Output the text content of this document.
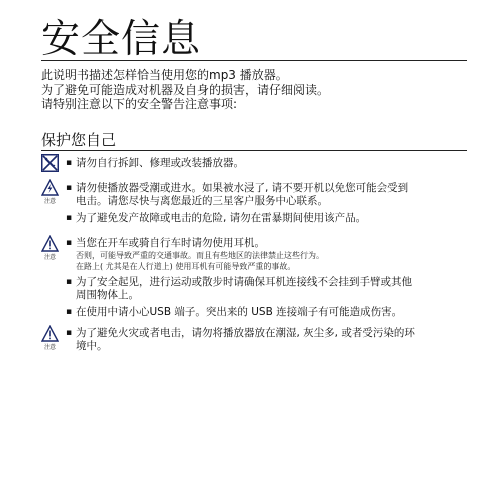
安全信息
此说明书描述怎样恰当使用您的mp3 播放器。
为了避免可能造成对机器及自身的损害，请仔细阅读。
请特别注意以下的安全警告注意事项:
保护您自己
注意
注意
注意
▪ 请勿自行拆卸、修理或改装播放器。
▪ 请勿使播放器受潮或进水。如果被水浸了, 请不要开机以免您可能会受到
电击。请您尽快与离您最近的三星客户服务中心联系。
▪ 为了避免发产故障或电击的危险, 请勿在雷暴期间使用该产品。
▪ 当您在开车或骑自行车时请勿使用耳机。
否则，可能导致严重的交通事故。而且有些地区的法律禁止这些行为。
在路上( 尤其是在人行道上) 使用耳机有可能导致严重的事故。
▪ 为了安全起见，进行运动或散步时请确保耳机连接线不会挂到手臂或其他
周围物体上。
▪ 在使用中请小心USB 端子。突出来的 USB 连接端子有可能造成伤害。
▪ 为了避免火灾或者电击，请勿将播放器放在潮湿, 灰尘多, 或者受污染的环
境中。
